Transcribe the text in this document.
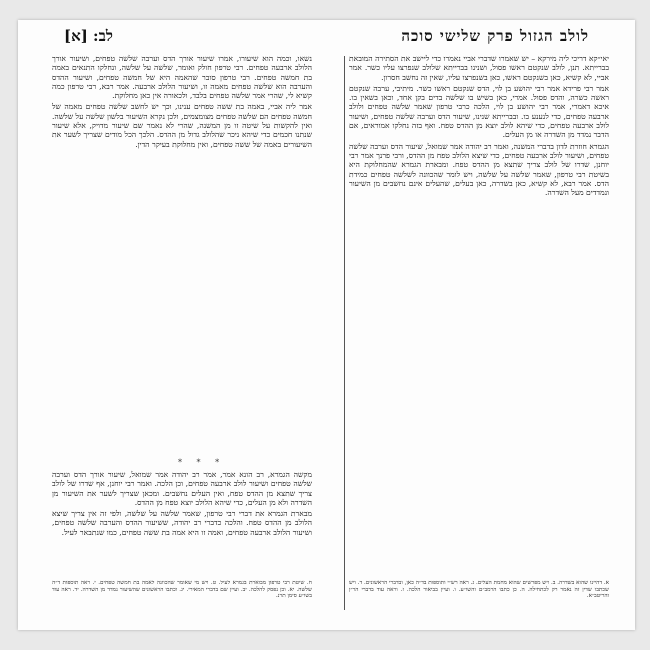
לולב הגזול פרק שלישי סוכה
לב: [א]

יאי״קא דריכי ליה מירקא – יש שאמרו שדברי אביי נאמרו כדי ליישב את הסתירה המובאת בברייתא. תנן, לולב שנקטם ראשו פסול, ושנינו בברייתא שלולב שנפרצו עליו כשר. אמר אביי, לא קשיא, כאן בשנקטם ראשו, כאן בשנפרצו עליו, שאין זה נחשב חסרון.

אמר רבי פרידא אמר רבי יהושע בן לוי, הדס שנקטם ראשו כשר. מיתיבי, ערבה שנקטם ראשה כשרה, והדס פסול. אמרי, כאן בשיש בו שלשה בדים בקן אחד, וכאן בשאין בו. איכא דאמרי, אמר רבי יהושע בן לוי, הלכה כרבי טרפון שאמר שלשה טפחים ולולב ארבעה טפחים, כדי לנענע בו. ובברייתא שנינו, שיעור הדס וערבה שלשה טפחים, ושיעור לולב ארבעה טפחים, כדי שיהא לולב יוצא מן ההדס טפח. ואף בזה נחלקו אמוראים, אם הדבר נמדד מן השדרה או מן העלים.

הגמרא חוזרת לדון בדברי המשנה, ואמר רב יהודה אמר שמואל, שיעור הדס וערבה שלשה טפחים, ושיעור לולב ארבעה טפחים, כדי שיצא הלולב טפח מן ההדס, ורבי פרנך אמר רבי יוחנן, שדרו של לולב צריך שתצא מן ההדס טפח. ומבארת הגמרא שהמחלוקת היא בשיטת רבי טרפון, שאמר שלשה על שלשה, ויש לומר שהכוונה לשלשה טפחים כמידת הדס. אמר רבא, לא קשיא, כאן בשדרה, כאן בעלים, שהעלים אינם נחשבים מן השיעור ונמדדים מעל השדרה.

נשאו, וכמה הוא שיעורו, אמרו שיעור אורך הדס וערבה שלשה טפחים, ושיעור אורך הלולב ארבעה טפחים. רבי טרפון חולק ואומר, שלשה על שלשה, ונחלקו התנאים באמה בת חמשה טפחים. רבי טרפון סובר שהאמה היא של חמשה טפחים, ושיעור ההדס והערבה הוא שלשה טפחים מאמה זו, ושיעור הלולב ארבעה. אמר רבא, רבי טרפון כמה קשיא לי, שהרי אמר שלשה טפחים בלבד, ולכאורה אין כאן מחלוקת.

אמר ליה אביי, באמה בת ששה טפחים ענינו, וכך יש לחשב שלשה טפחים מאמה של חמשה טפחים הם שלשה טפחים מצומצמים, ולכן נקרא השיעור בלשון שלשה על שלשה. ואין להקשות על שיטה זו מן המשנה, שהרי לא נאמר שם שיעור מדויק, אלא שיעור שנתנו חכמים כדי שיהא ניכר שהלולב גדול מן ההדס. הלכך הכל מודים שצריך לשער את השיעורים באמה של ששה טפחים, ואין מחלוקת בעיקר הדין.

* * *

מקשה הגמרא, רב הונא אמר, אמר רב יהודה אמר שמואל, שיעור אורך הדס וערבה שלשה טפחים ושיעור לולב ארבעה טפחים, וכן הלכה. ואמר רבי יוחנן, אף שדרו של לולב צריך שתצא מן ההדס טפח, ואין העלים נחשבים. ומכאן שצריך לשער את השיעור מן השדרה ולא מן העלים, כדי שיהא הלולב יוצא טפח מן ההדס.

מבארת הגמרא את דברי רבי טרפון, שאמר שלשה על שלשה, ולפי זה אין צריך שיצא הלולב מן ההדס טפח. והלכה כדברי רב יהודה, ששיעור ההדס והערבה שלשה טפחים, ושיעור הלולב ארבעה טפחים, ואמה זו היא אמה בת ששה טפחים, כמו שנתבאר לעיל.

א. דהיינו שהוא בשדרה. ב. ויש מפרשים שהוא מחמת העלים. ג. ראה רש״י ותוספות בד״ה כאן, ובדברי הראשונים. ד. ויש שכתבו שדין זה נאמר רק לכתחילה. ה. כן כתבו הרמב״ם והשו״ע. ו. ועיין בביאור הלכה. ז. וראה עוד בדברי הר״ן והריטב״א.
ח. שיטת רבי טרפון מבוארת בגמרא לעיל. ט. ויש מי שאומר שהכוונה לאמה בת חמשה טפחים. י. ראה תוספות ד״ה שלשה. יא. וכן נפסק להלכה. יב. ועיין שם בדברי המאירי. יג. וכתבו הראשונים שהשיעור נמדד מן השדרה. יד. ראה עוד בשו״ע סימן תרנ.
